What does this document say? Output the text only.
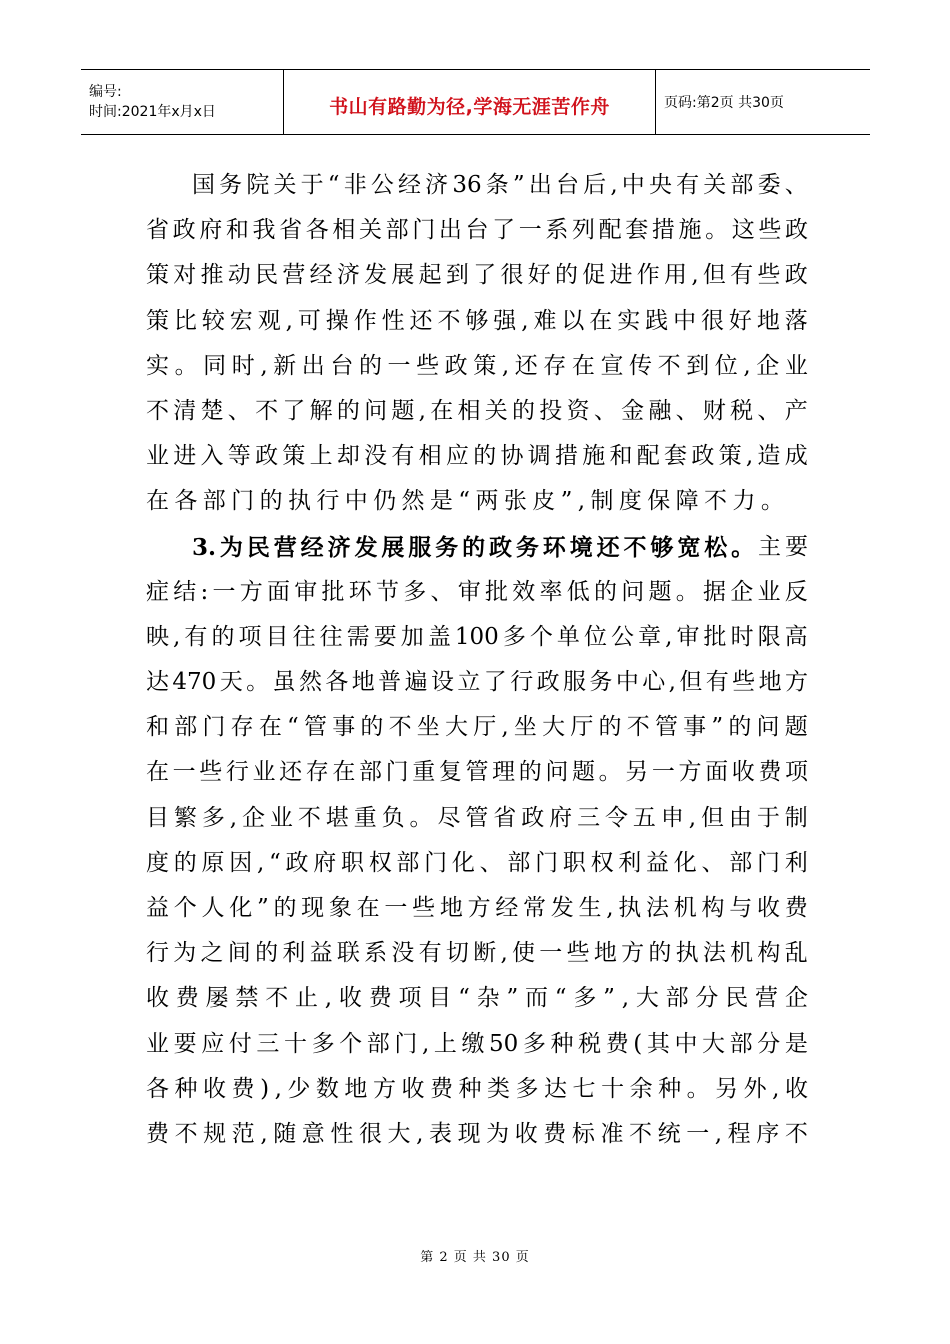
编号:
时间:2021年x月x日	书山有路勤为径,学海无涯苦作舟	页码:第2页 共30页
国 务 院 关 于 “ 非 公 经 济 36 条 ” 出 台 后 , 中 央 有 关 部 委 、
省 政 府 和 我 省 各 相 关 部 门 出 台 了 一 系 列 配 套 措 施 。 这 些 政
策 对 推 动 民 营 经 济 发 展 起 到 了 很 好 的 促 进 作 用 , 但 有 些 政
策 比 较 宏 观 , 可 操 作 性 还 不 够 强 , 难 以 在 实 践 中 很 好 地 落
实 。 同 时 , 新 出 台 的 一 些 政 策 , 还 存 在 宣 传 不 到 位 , 企 业
不 清 楚 、 不 了 解 的 问 题 , 在 相 关 的 投 资 、 金 融 、 财 税 、 产
业 进 入 等 政 策 上 却 没 有 相 应 的 协 调 措 施 和 配 套 政 策 , 造 成
在 各 部 门 的 执 行 中 仍 然 是 “ 两 张 皮 ” , 制 度 保 障 不 力 。
3. 为 民 营 经 济 发 展 服 务 的 政 务 环 境 还 不 够 宽 松 。 主 要
症 结 : 一 方 面 审 批 环 节 多 、 审 批 效 率 低 的 问 题 。 据 企 业 反
映 , 有 的 项 目 往 往 需 要 加 盖 100 多 个 单 位 公 章 , 审 批 时 限 高
达 470 天 。 虽 然 各 地 普 遍 设 立 了 行 政 服 务 中 心 , 但 有 些 地 方
和 部 门 存 在 “ 管 事 的 不 坐 大 厅 , 坐 大 厅 的 不 管 事 ” 的 问 题
在 一 些 行 业 还 存 在 部 门 重 复 管 理 的 问 题 。 另 一 方 面 收 费 项
目 繁 多 , 企 业 不 堪 重 负 。 尽 管 省 政 府 三 令 五 申 , 但 由 于 制
度 的 原 因 , “ 政 府 职 权 部 门 化 、 部 门 职 权 利 益 化 、 部 门 利
益 个 人 化 ” 的 现 象 在 一 些 地 方 经 常 发 生 , 执 法 机 构 与 收 费
行 为 之 间 的 利 益 联 系 没 有 切 断 , 使 一 些 地 方 的 执 法 机 构 乱
收 费 屡 禁 不 止 , 收 费 项 目 “ 杂 ” 而 “ 多 ” , 大 部 分 民 营 企
业 要 应 付 三 十 多 个 部 门 , 上 缴 50 多 种 税 费 ( 其 中 大 部 分 是
各 种 收 费 ) , 少 数 地 方 收 费 种 类 多 达 七 十 余 种 。 另 外 , 收
费 不 规 范 , 随 意 性 很 大 , 表 现 为 收 费 标 准 不 统 一 , 程 序 不
第 2 页 共 30 页
